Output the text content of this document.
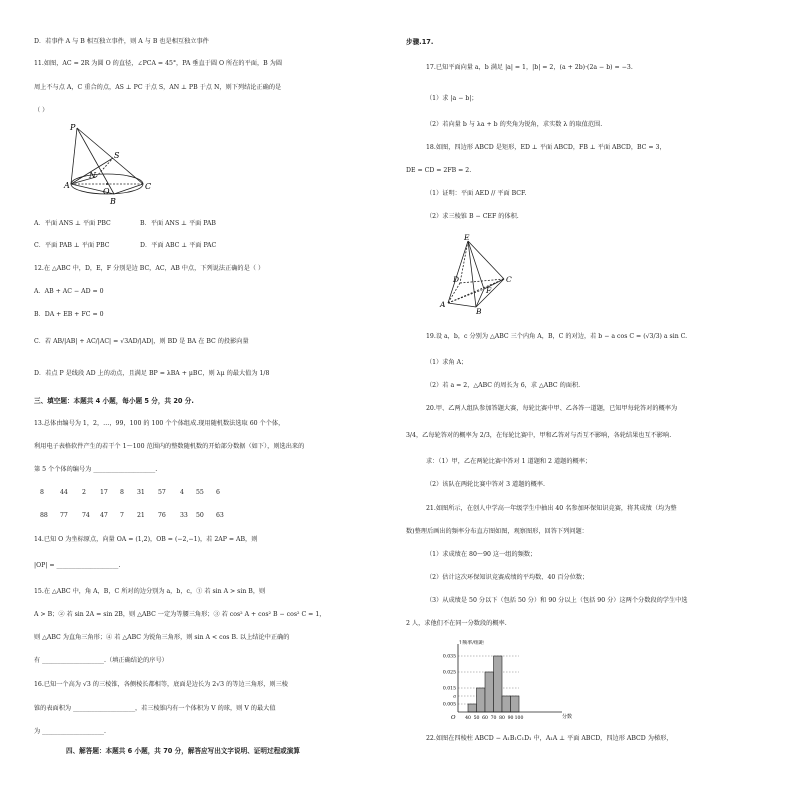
D．若事件 A 与 B 相互独立事件，则 A 与 B 也是相互独立事件
11.如图，AC = 2R 为圆 O 的直径，∠PCA = 45°，PA 垂直于圆 O 所在的平面，B 为圆
周上不与点 A，C 重合的点，AS ⊥ PC 于点 S，AN ⊥ PB 于点 N，则下列结论正确的是
（ ）
P
S
N
O
A	C
B
A．平面 ANS ⊥ 平面 PBC	B．平面 ANS ⊥ 平面 PAB
C．平面 PAB ⊥ 平面 PBC	D．平面 ABC ⊥ 平面 PAC
12.在 △ABC 中，D，E，F 分别是边 BC，AC，AB 中点，下列说法正确的是（ ）
A．AB + AC − AD = 0
B．DA + EB + FC = 0
C．若 AB/|AB| + AC/|AC| = √3AD/|AD|，则 BD 是 BA 在 BC 的投影向量
D．若点 P 是线段 AD 上的动点，且满足 BP = λBA + μBC，则 λμ 的最大值为 1/8
三、填空题：本题共 4 小题，每小题 5 分，共 20 分.
13.总体由编号为 1，2，…，99，100 的 100 个个体组成.现用随机数法选取 60 个个体，
利用电子表格软件产生的若干个 1～100 范围内的整数随机数的开始部分数据（如下），则选出来的
第 5 个个体的编号为 ____________________.
8	44 2 17 8 31 57 4 55 6
88 77 74 47 7 21 76 33 50 63
14.已知 O 为坐标原点，向量 OA = (1,2)，OB = (−2,−1)，若 2AP = AB，则
|OP| = ____________________.
15.在 △ABC 中，角 A，B，C 所对的边分别为 a，b，c，① 若 sin A > sin B，则
A > B；② 若 sin 2A = sin 2B，则 △ABC 一定为等腰三角形；③ 若 cos² A + cos² B − cos² C = 1，
则 △ABC 为直角三角形；④ 若 △ABC 为锐角三角形，则 sin A < cos B. 以上结论中正确的
有 ____________________.（填正确结论的序号）
16.已知一个高为 √3 的三棱锥，各侧棱长都相等，底面是边长为 2√3 的等边三角形，则三棱
锥的表面积为 ____________________，若三棱锥内有一个体积为 V 的球，则 V 的最大值
为 ____________________.
四、解答题：本题共 6 小题，共 70 分，解答应写出文字说明、证明过程或演算
步骤.17.
17.已知平面向量 a，b 满足 |a| = 1，|b| = 2，(a + 2b)·(2a − b) = −3.
（1）求 |a − b|；
（2）若向量 b 与 λa + b 的夹角为锐角，求实数 λ 的取值范围.
18.如图，四边形 ABCD 是矩形，ED ⊥ 平面 ABCD，FB ⊥ 平面 ABCD，BC = 3，
DE = CD = 2FB = 2.
（1）证明：平面 AED // 平面 BCF.
（2）求三棱锥 B − CEF 的体积.
E
D
F
C
A
B
19.设 a，b，c 分别为 △ABC 三个内角 A，B，C 的对边，若 b − a cos C = (√3/3) a sin C.
（1）求角 A；
（2）若 a = 2，△ABC 的周长为 6，求 △ABC 的面积.
20.甲、乙两人组队参加答题大赛，每轮比赛中甲、乙各答一道题，已知甲每轮答对的概率为
3/4，乙每轮答对的概率为 2/3，在每轮比赛中，甲和乙答对与否互不影响，各轮结果也互不影响.
求：（1）甲，乙在两轮比赛中答对 1 道题和 2 道题的概率；
（2）该队在两轮比赛中答对 3 道题的概率.
21.如图所示，在创人中学高一年级学生中抽出 40 名参加环保知识竞赛，将其成绩（均为整
数)整理后画出的频率分布直方图如图，观察图形，回答下列问题：
（1）求成绩在 80～90 这一组的频数；
（2）估计这次环保知识竞赛成绩的平均数、40 百分位数；
（3）从成绩是 50 分以下（包括 50 分）和 90 分以上（包括 90 分）这两个分数段的学生中选
2 人，求他们不在同一分数段的概率.
↑频率/组距
分数
O
0.035
0.025
0.015
a
0.005
40 50 60 70 80 90 100
22.如图在四棱柱 ABCD − A₁B₁C₁D₁ 中，A₁A ⊥ 平面 ABCD，四边形 ABCD 为梯形，
